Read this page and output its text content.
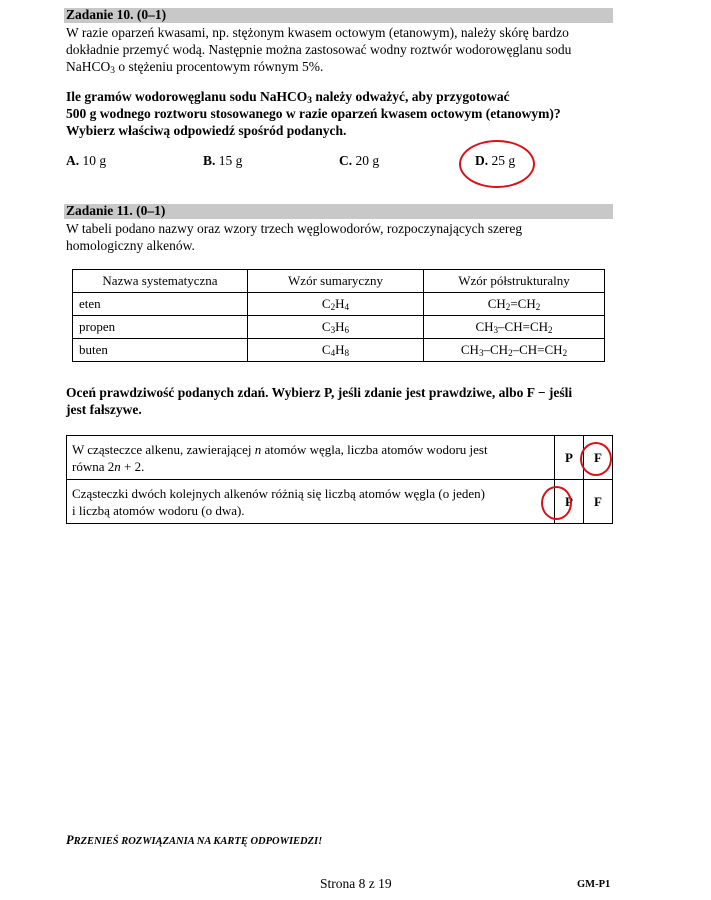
Zadanie 10. (0–1)
W razie oparzeń kwasami, np. stężonym kwasem octowym (etanowym), należy skórę bardzo
dokładnie przemyć wodą. Następnie można zastosować wodny roztwór wodorowęglanu sodu
NaHCO$_3$ o stężeniu procentowym równym 5%.
Ile gramów wodorowęglanu sodu NaHCO$_3$ należy odważyć, aby przygotować
500 g wodnego roztworu stosowanego w razie oparzeń kwasem octowym (etanowym)?
Wybierz właściwą odpowiedź spośród podanych.
A. 10 g	B. 15 g	C. 20 g	D. 25 g
Zadanie 11. (0–1)
W tabeli podano nazwy oraz wzory trzech węglowodorów, rozpoczynających szereg
homologiczny alkenów.
Nazwa systematyczna	Wzór sumaryczny	Wzór półstrukturalny
eten	$C_2H_4$	$CH_2=CH_2$
propen	$C_3H_6$	$CH_3-CH=CH_2$
buten	$C_4H_8$	$CH_3-CH_2-CH=CH_2$
Oceń prawdziwość podanych zdań. Wybierz P, jeśli zdanie jest prawdziwe, albo F − jeśli
jest fałszywe.
W cząsteczce alkenu, zawierającej n atomów węgla, liczba atomów wodoru jest
równa 2n + 2.	P	F

Cząsteczki dwóch kolejnych alkenów różnią się liczbą atomów węgla (o jeden)
i liczbą atomów wodoru (o dwa).	P	F
PRZENIEŚ ROZWIĄZANIA NA KARTĘ ODPOWIEDZI!
Strona 8 z 19	GM-P1
